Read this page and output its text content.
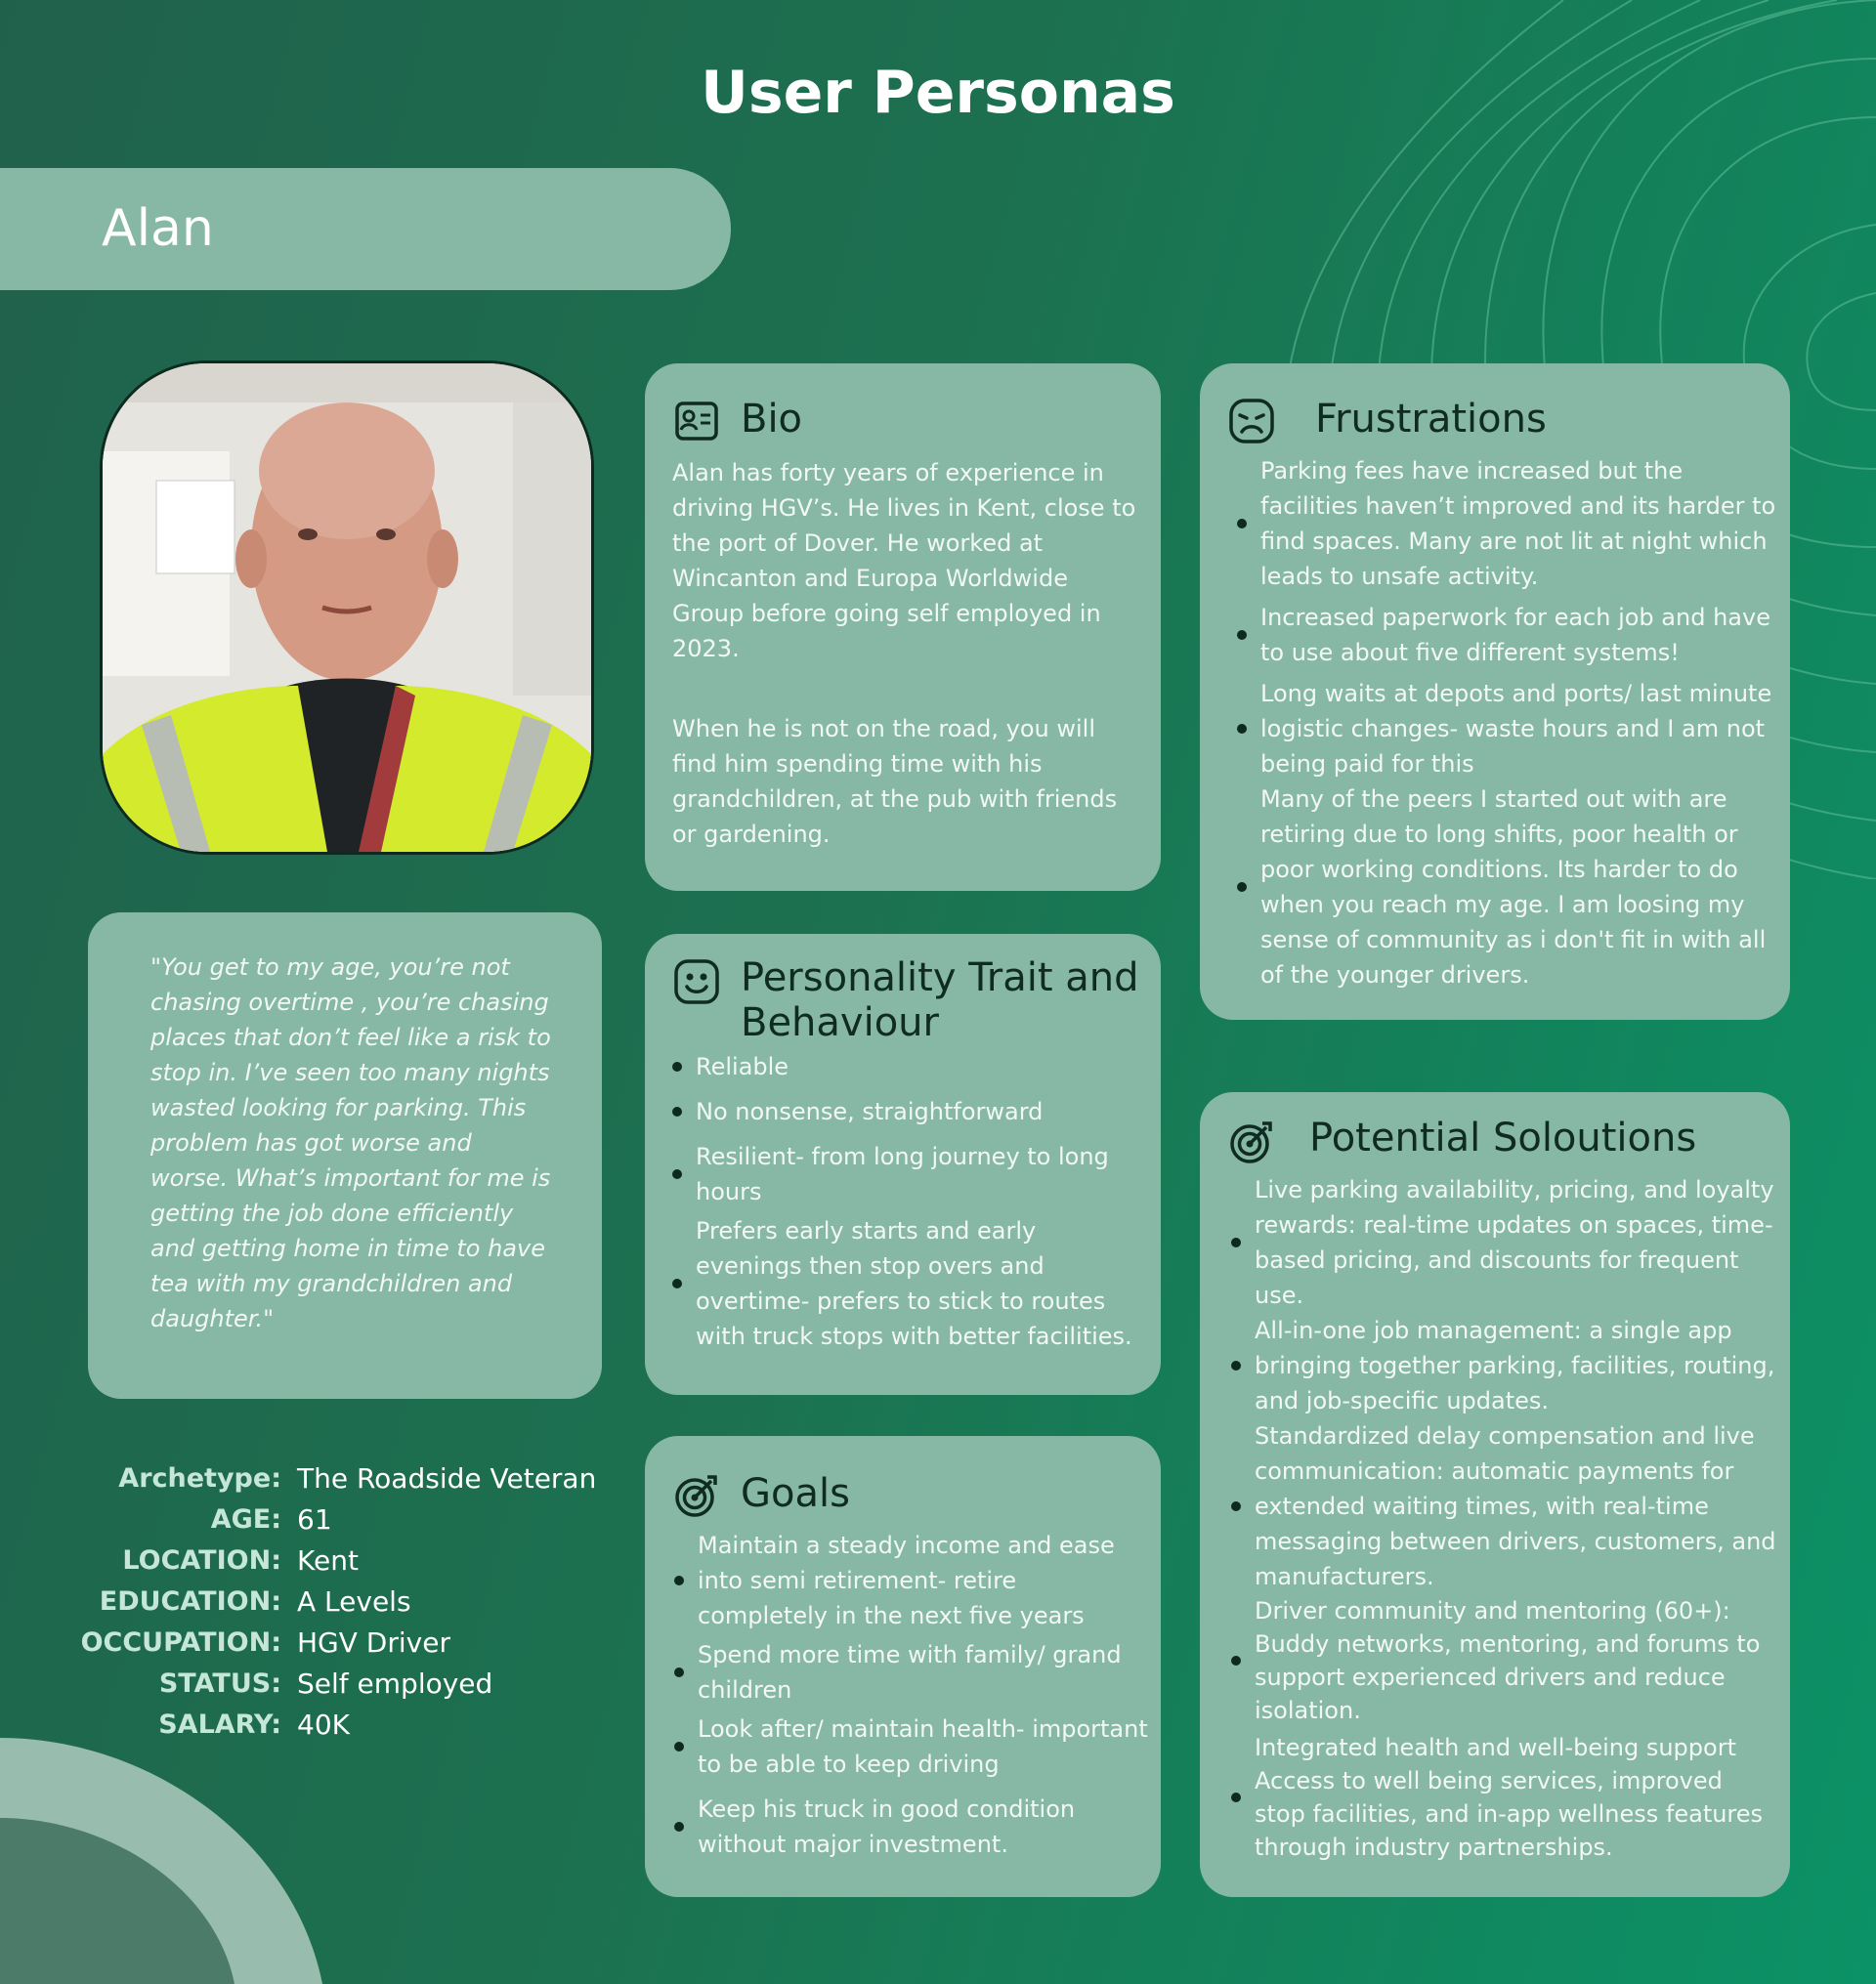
User Personas
Alan

"You get to my age, you’re not chasing overtime , you’re chasing places that don’t feel like a risk to stop in. I’ve seen too many nights wasted looking for parking. This problem has got worse and worse. What’s important for me is getting the job done efficiently and getting home in time to have tea with my grandchildren and daughter."

Archetype: The Roadside Veteran
AGE: 61
LOCATION: Kent
EDUCATION: A Levels
OCCUPATION: HGV Driver
STATUS: Self employed
SALARY: 40K
Bio

Alan has forty years of experience in driving HGV’s. He lives in Kent, close to the port of Dover. He worked at Wincanton and Europa Worldwide Group before going self employed in 2023.

When he is not on the road, you will find him spending time with his grandchildren, at the pub with friends or gardening.

Personality Trait and Behaviour
Reliable
No nonsense, straightforward
Resilient- from long journey to long hours
Prefers early starts and early evenings then stop overs and overtime- prefers to stick to routes with truck stops with better facilities.
Goals
Maintain a steady income and ease into semi retirement- retire completely in the next five years
Spend more time with family/ grand children
Look after/ maintain health- important to be able to keep driving
Keep his truck in good condition without major investment.
Frustrations
Parking fees have increased but the facilities haven’t improved and its harder to find spaces. Many are not lit at night which leads to unsafe activity.
Increased paperwork for each job and have to use about five different systems!
Long waits at depots and ports/ last minute logistic changes- waste hours and I am not being paid for this
Many of the peers I started out with are retiring due to long shifts, poor health or poor working conditions. Its harder to do when you reach my age. I am loosing my sense of community as i don't fit in with all of the younger drivers.
Potential Soloutions
Live parking availability, pricing, and loyalty rewards: real-time updates on spaces, time-based pricing, and discounts for frequent use.
All-in-one job management: a single app bringing together parking, facilities, routing, and job-specific updates.
Standardized delay compensation and live communication: automatic payments for extended waiting times, with real-time messaging between drivers, customers, and manufacturers.
Driver community and mentoring (60+): Buddy networks, mentoring, and forums to support experienced drivers and reduce isolation.
Integrated health and well-being support Access to well being services, improved stop facilities, and in-app wellness features through industry partnerships.
